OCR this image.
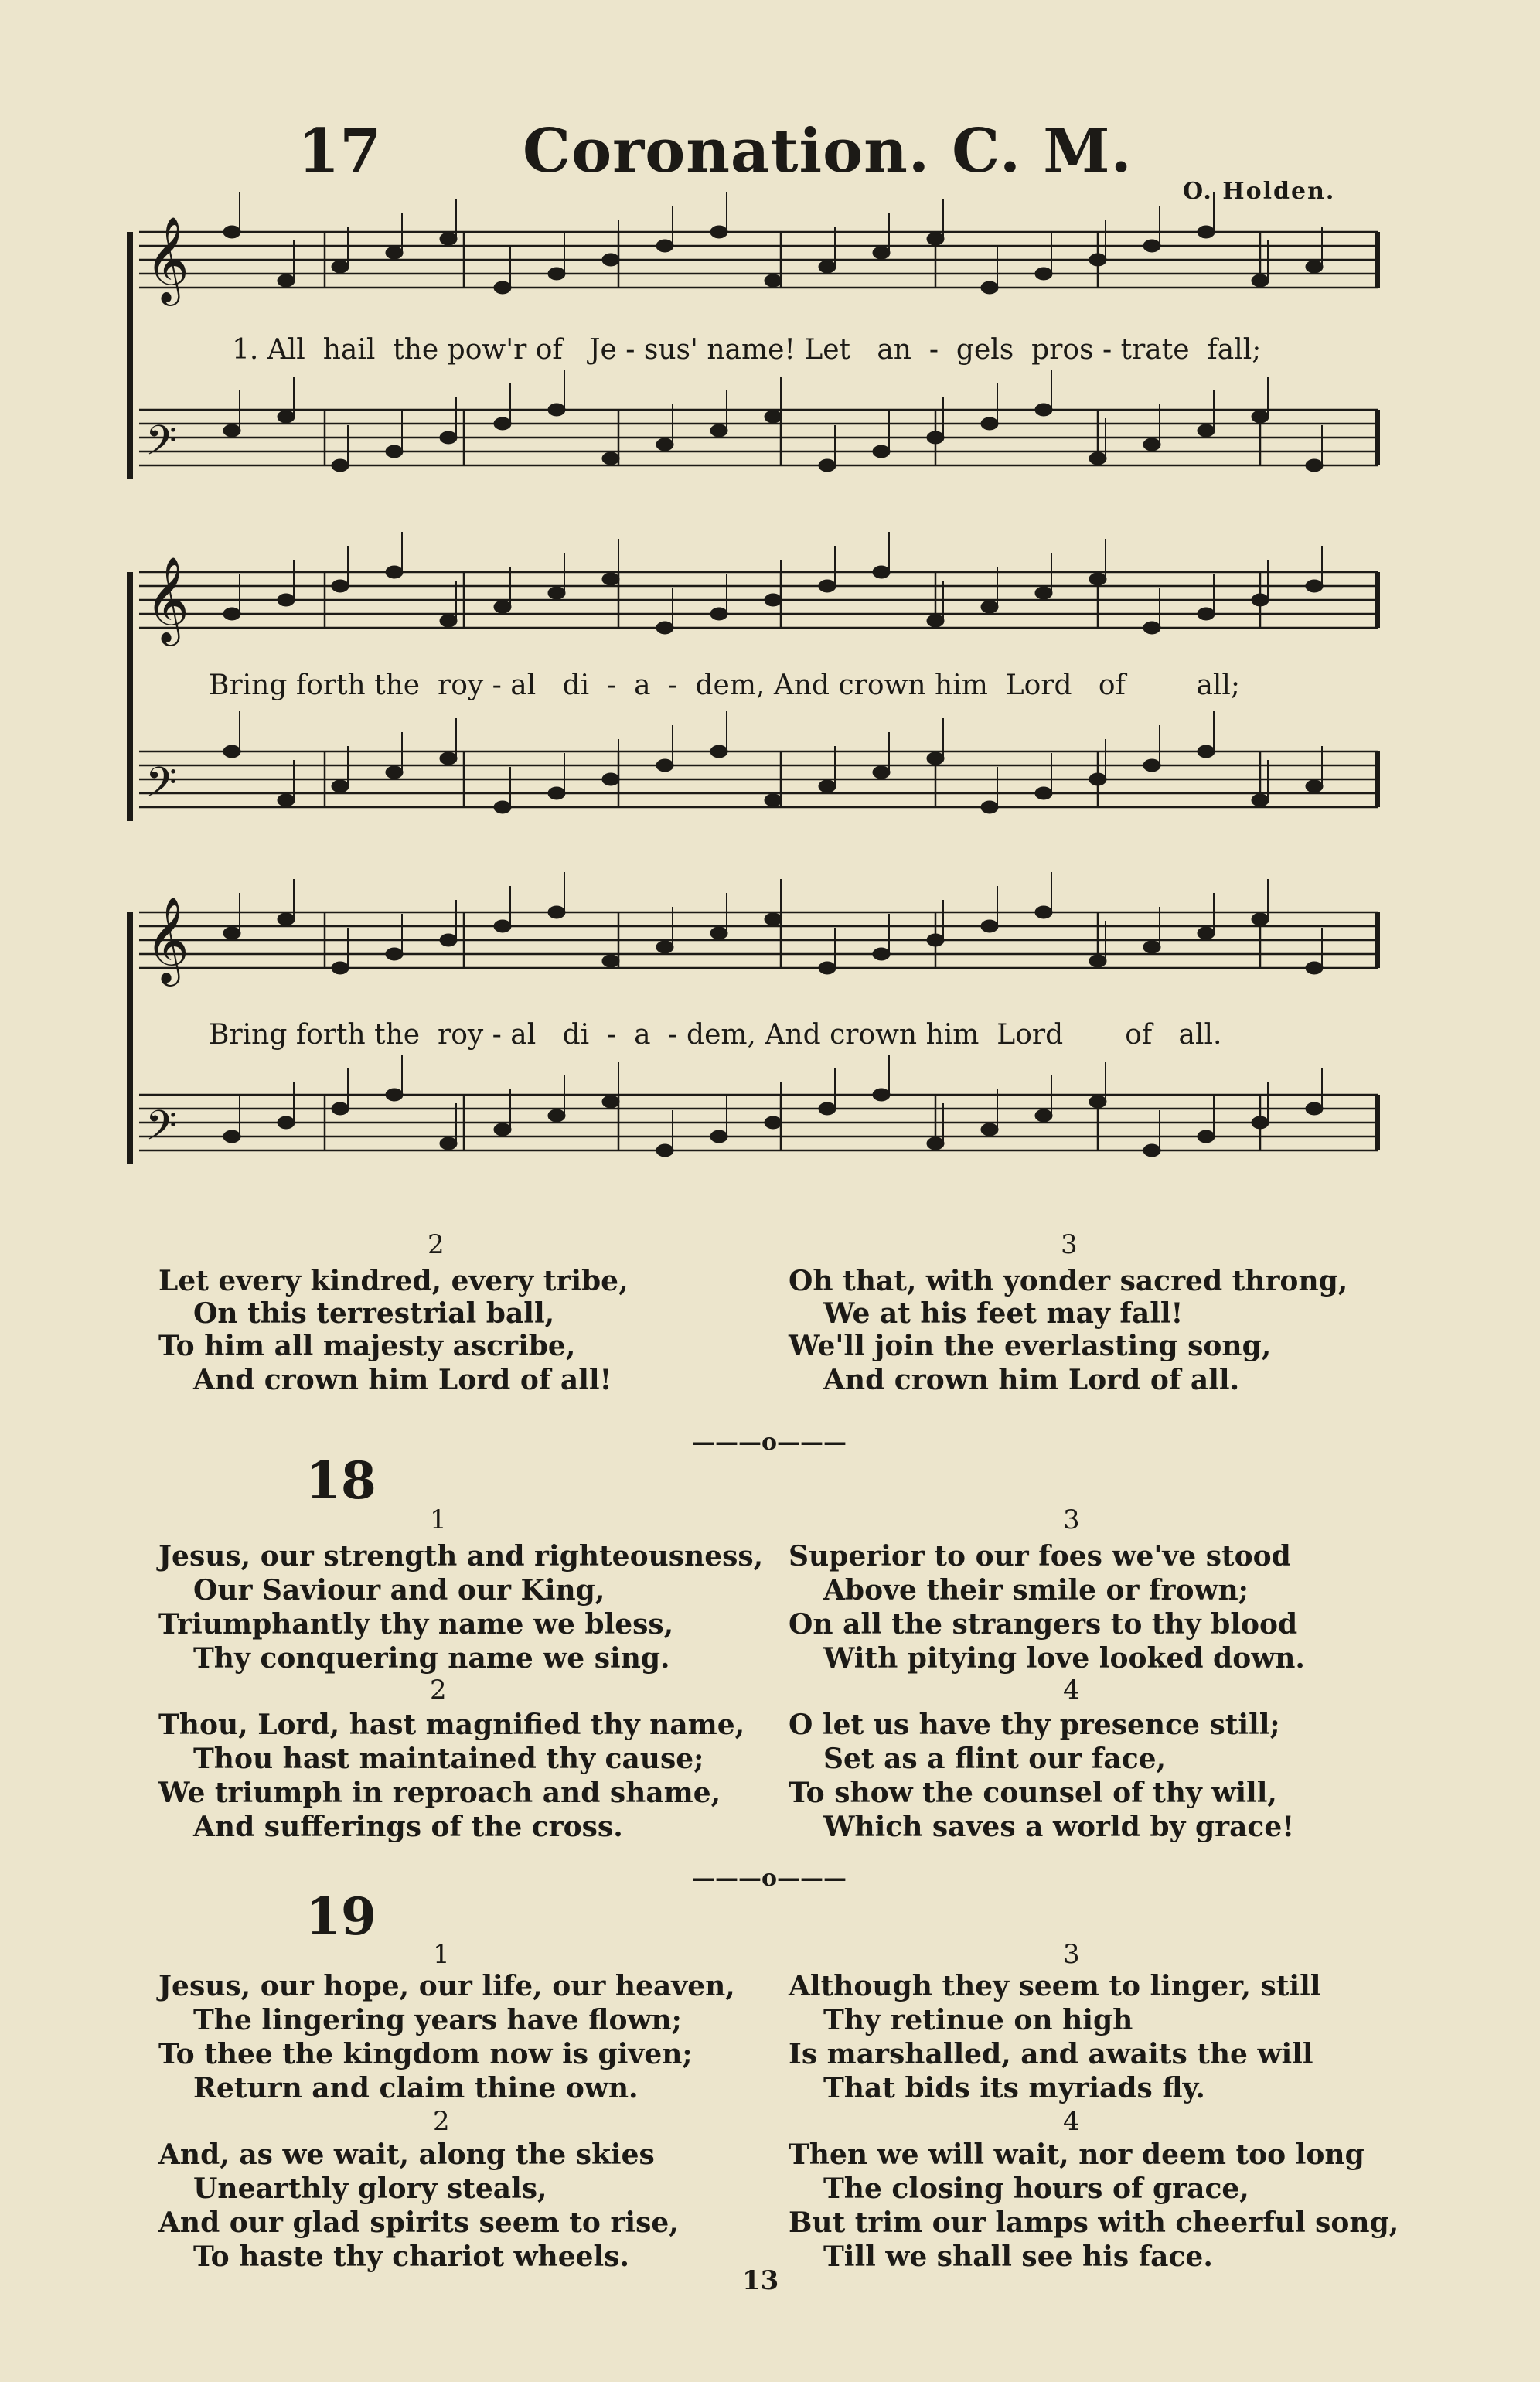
17 Coronation. C. M.
O. Holden.
𝄞
𝄢
𝄞
𝄢
𝄞
𝄢
1. All  hail  the pow'r of   Je - sus' name! Let   an  -  gels  pros - trate  fall;
Bring forth the  roy - al   di  -  a  -  dem, And crown him  Lord   of        all;
Bring forth the  roy - al   di  -  a  - dem, And crown him  Lord       of   all.
2
Let every kindred, every tribe,
On this terrestrial ball,
To him all majesty ascribe,
And crown him Lord of all!
3
Oh that, with yonder sacred throng,
We at his feet may fall!
We'll join the everlasting song,
And crown him Lord of all.
———o———
18
1
Jesus, our strength and righteousness,
Our Saviour and our King,
Triumphantly thy name we bless,
Thy conquering name we sing.
2
Thou, Lord, hast magnified thy name,
Thou hast maintained thy cause;
We triumph in reproach and shame,
And sufferings of the cross.
3
Superior to our foes we've stood
Above their smile or frown;
On all the strangers to thy blood
With pitying love looked down.
4
O let us have thy presence still;
Set as a flint our face,
To show the counsel of thy will,
Which saves a world by grace!
———o———
19
1
Jesus, our hope, our life, our heaven,
The lingering years have flown;
To thee the kingdom now is given;
Return and claim thine own.
2
And, as we wait, along the skies
Unearthly glory steals,
And our glad spirits seem to rise,
To haste thy chariot wheels.
3
Although they seem to linger, still
Thy retinue on high
Is marshalled, and awaits the will
That bids its myriads fly.
4
Then we will wait, nor deem too long
The closing hours of grace,
But trim our lamps with cheerful song,
Till we shall see his face.
13
